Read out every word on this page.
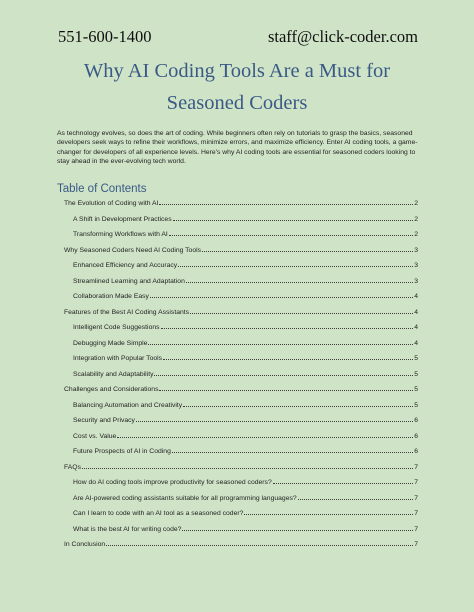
551-600-1400	staff@click-coder.com
Why AI Coding Tools Are a Must for
Seasoned Coders
As technology evolves, so does the art of coding. While beginners often rely on tutorials to grasp the basics, seasoned developers seek ways to refine their workflows, minimize errors, and maximize efficiency. Enter AI coding tools, a game-changer for developers of all experience levels. Here's why AI coding tools are essential for seasoned coders looking to stay ahead in the ever-evolving tech world.
Table of Contents
The Evolution of Coding with AI	2
A Shift in Development Practices	2
Transforming Workflows with AI	2
Why Seasoned Coders Need AI Coding Tools	3
Enhanced Efficiency and Accuracy	3
Streamlined Learning and Adaptation	3
Collaboration Made Easy	4
Features of the Best AI Coding Assistants	4
Intelligent Code Suggestions	4
Debugging Made Simple	4
Integration with Popular Tools	5
Scalability and Adaptability	5
Challenges and Considerations	5
Balancing Automation and Creativity	5
Security and Privacy	6
Cost vs. Value	6
Future Prospects of AI in Coding	6
FAQs	7
How do AI coding tools improve productivity for seasoned coders?	7
Are AI-powered coding assistants suitable for all programming languages?	7
Can I learn to code with an AI tool as a seasoned coder?	7
What is the best AI for writing code?	7
In Conclusion	7
